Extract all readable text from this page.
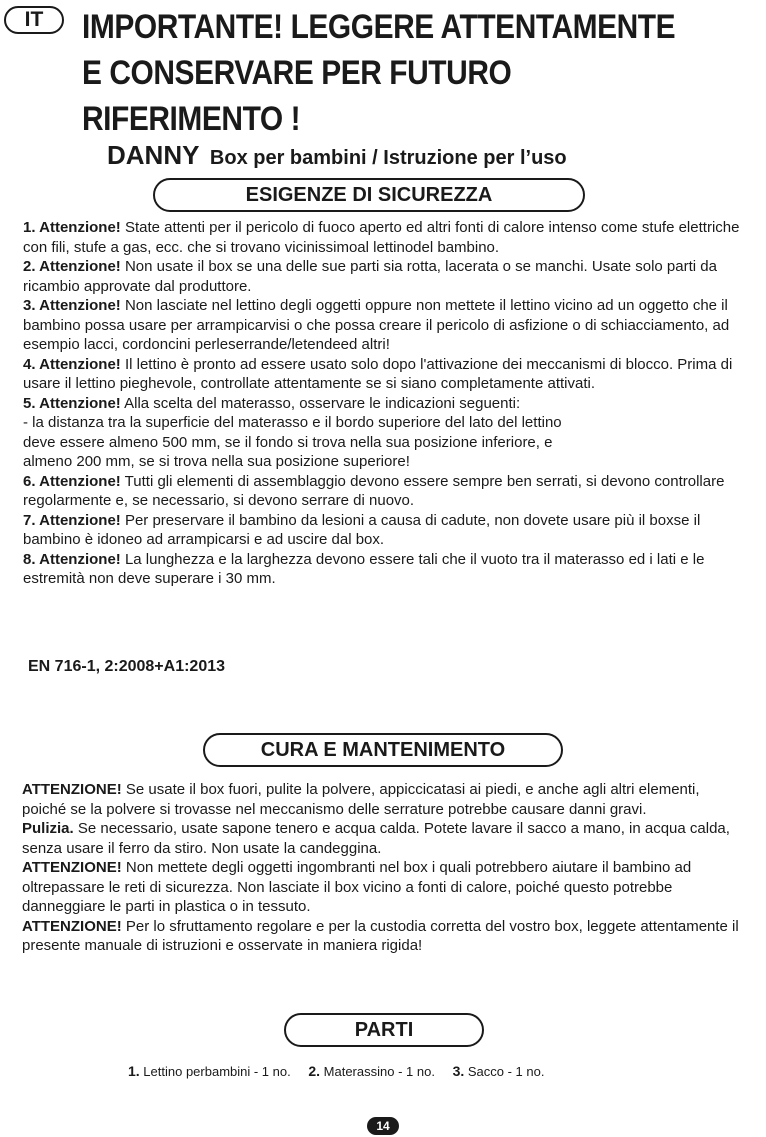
IT	IMPORTANTE! LEGGERE ATTENTAMENTE
E CONSERVARE PER FUTURO
RIFERIMENTO !
DANNY Box per bambini / Istruzione per l’uso
ESIGENZE DI SICUREZZA

1. Attenzione! State attenti per il pericolo di fuoco aperto ed altri fonti di calore intenso come stufe elettriche con fili, stufe a gas, ecc. che si trovano vicinissimoal lettinodel bambino.

2. Attenzione! Non usate il box se una delle sue parti sia rotta, lacerata o se manchi. Usate solo parti da ricambio approvate dal produttore.

3. Attenzione! Non lasciate nel lettino degli oggetti oppure non mettete il lettino vicino ad un oggetto che il bambino possa usare per arrampicarvisi o che possa creare il pericolo di asfizione o di schiacciamento, ad esempio lacci, cordoncini perleserrande/letendeed altri!

4. Attenzione! Il lettino è pronto ad essere usato solo dopo l'attivazione dei meccanismi di blocco. Prima di usare il lettino pieghevole, controllate attentamente se si siano completamente attivati.

5. Attenzione! Alla scelta del materasso, osservare le indicazioni seguenti:
- la distanza tra la superficie del materasso e il bordo superiore del lato del lettino
deve essere almeno 500 mm, se il fondo si trova nella sua posizione inferiore, e
almeno 200 mm, se si trova nella sua posizione superiore!

6. Attenzione! Tutti gli elementi di assemblaggio devono essere sempre ben serrati, si devono controllare regolarmente e, se necessario, si devono serrare di nuovo.

7. Attenzione! Per preservare il bambino da lesioni a causa di cadute, non dovete usare più il boxse il bambino è idoneo ad arrampicarsi e ad uscire dal box.

8. Attenzione! La lunghezza e la larghezza devono essere tali che il vuoto tra il materasso ed i lati e le estremità non deve superare i 30 mm.

EN 716-1, 2:2008+A1:2013
CURA E MANTENIMENTO

ATTENZIONE! Se usate il box fuori, pulite la polvere, appiccicatasi ai piedi, e anche agli altri elementi, poiché se la polvere si trovasse nel meccanismo delle serrature potrebbe causare danni gravi.

Pulizia. Se necessario, usate sapone tenero e acqua calda. Potete lavare il sacco a mano, in acqua calda, senza usare il ferro da stiro. Non usate la candeggina.

ATTENZIONE! Non mettete degli oggetti ingombranti nel box i quali potrebbero aiutare il bambino ad oltrepassare le reti di sicurezza. Non lasciate il box vicino a fonti di calore, poiché questo potrebbe danneggiare le parti in plastica o in tessuto.

ATTENZIONE! Per lo sfruttamento regolare e per la custodia corretta del vostro box, leggete attentamente il presente manuale di istruzioni e osservate in maniera rigida!

PARTI
1. Lettino perbambini - 1 no. 2. Materassino - 1 no. 3. Sacco - 1 no.
14
